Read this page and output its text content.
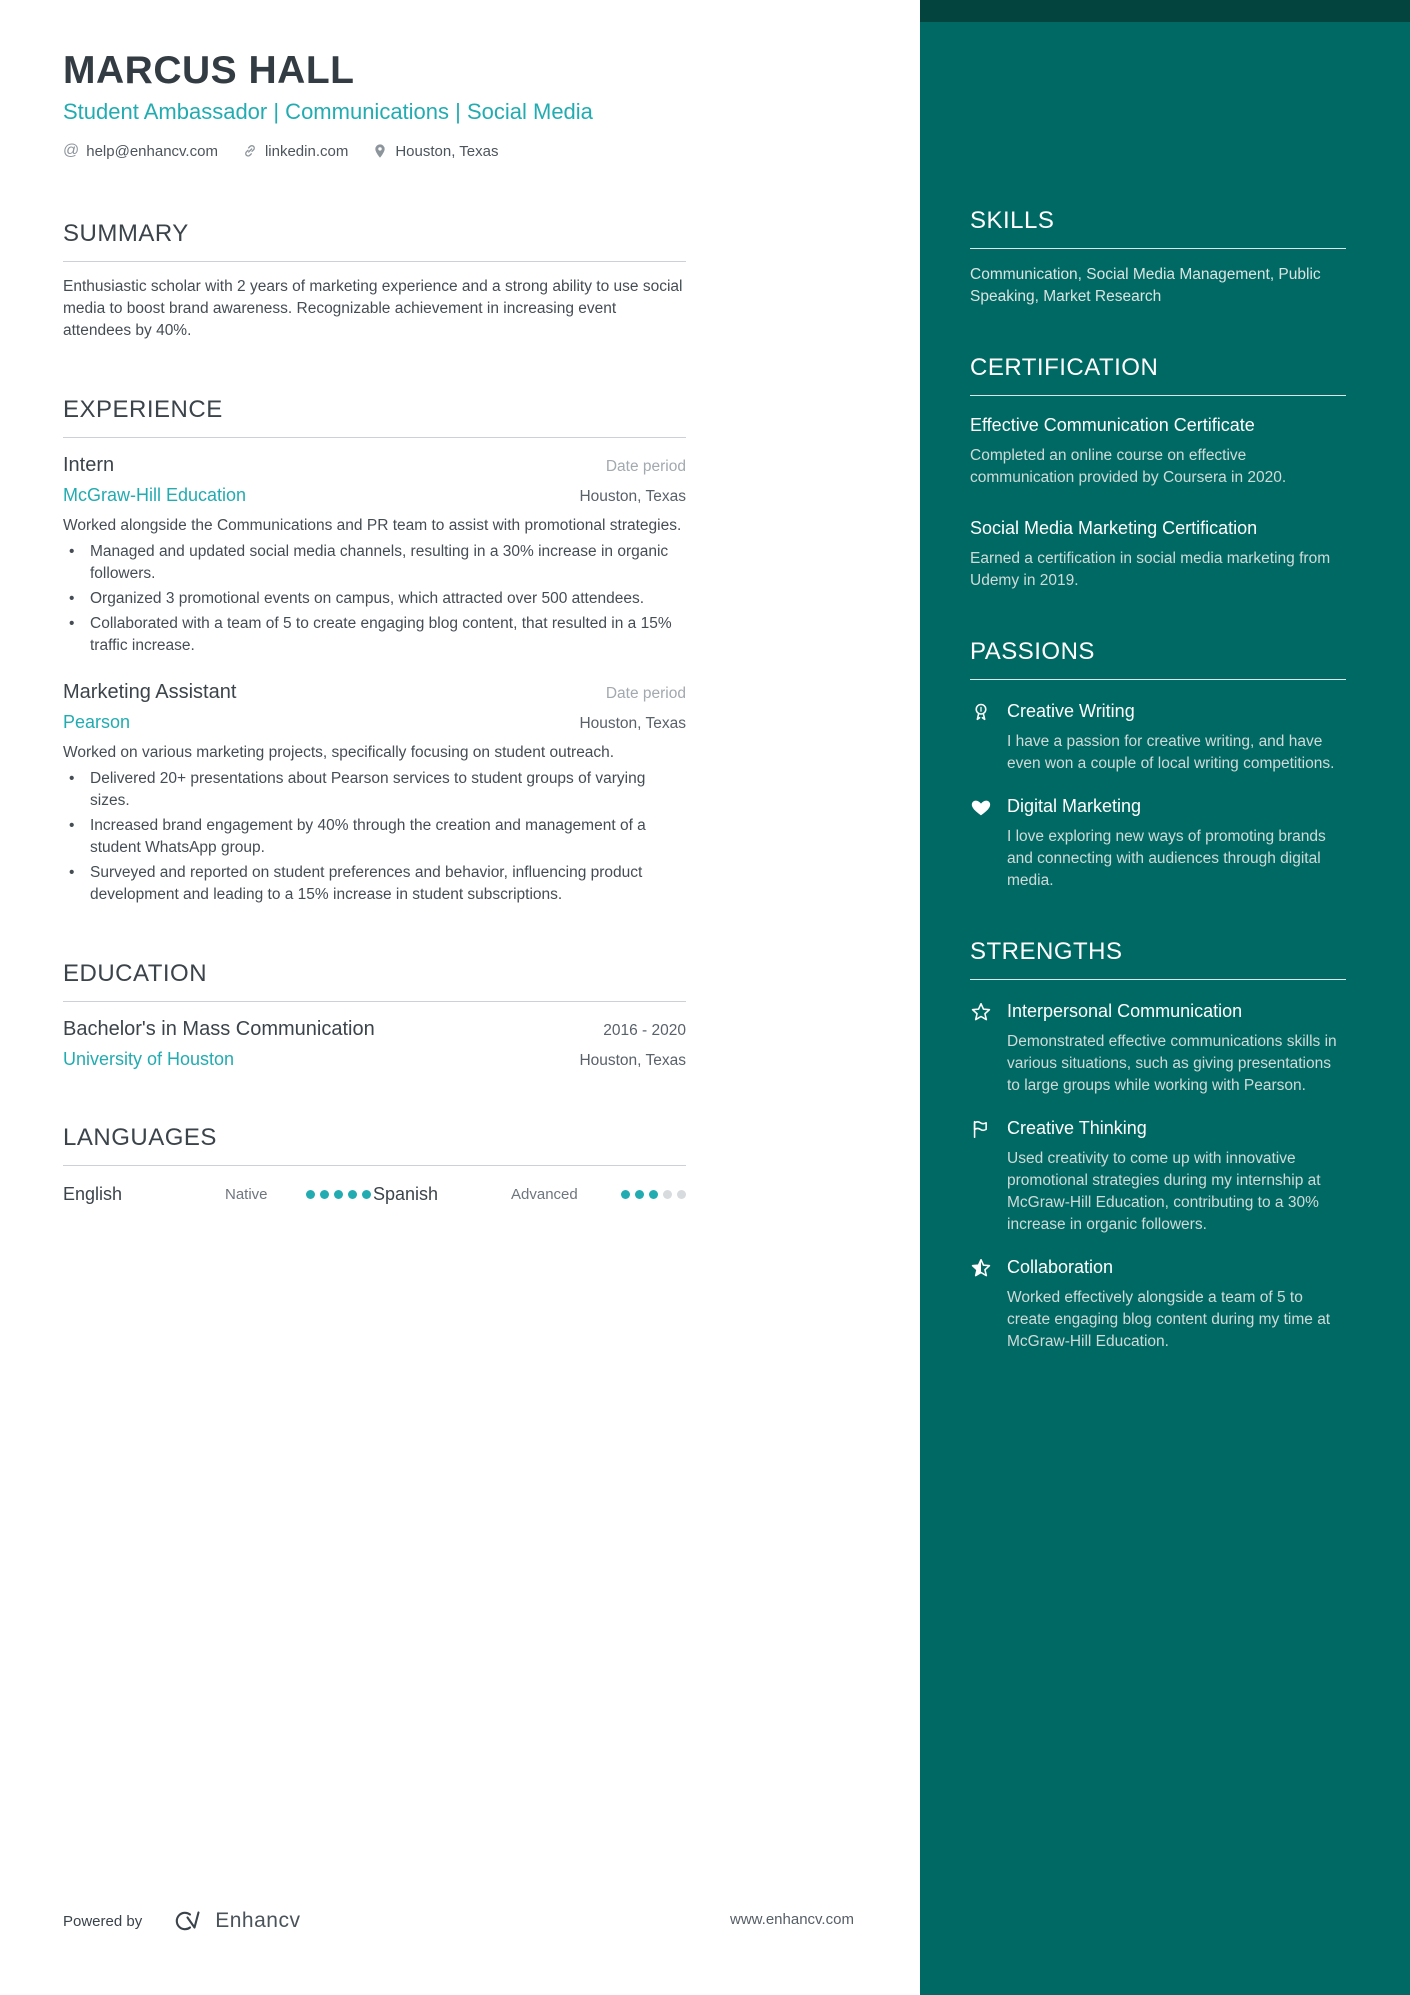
SKILLS
Communication, Social Media Management, Public Speaking, Market Research
CERTIFICATION
Effective Communication Certificate
Completed an online course on effective communication provided by Coursera in 2020.
Social Media Marketing Certification
Earned a certification in social media marketing from Udemy in 2019.
PASSIONS
Creative Writing
I have a passion for creative writing, and have even won a couple of local writing competitions.
Digital Marketing
I love exploring new ways of promoting brands and connecting with audiences through digital media.
STRENGTHS
Interpersonal Communication
Demonstrated effective communications skills in various situations, such as giving presentations to large groups while working with Pearson.
Creative Thinking
Used creativity to come up with innovative promotional strategies during my internship at McGraw-Hill Education, contributing to a 30% increase in organic followers.
Collaboration
Worked effectively alongside a team of 5 to create engaging blog content during my time at McGraw-Hill Education.
MARCUS HALL
Student Ambassador | Communications | Social Media
@ help@enhancv.com	linkedin.com	Houston, Texas
SUMMARY
Enthusiastic scholar with 2 years of marketing experience and a strong ability to use social media to boost brand awareness. Recognizable achievement in increasing event attendees by 40%.
EXPERIENCE
Intern	Date period
McGraw-Hill Education	Houston, Texas
Worked alongside the Communications and PR team to assist with promotional strategies.
• Managed and updated social media channels, resulting in a 30% increase in organic followers.
• Organized 3 promotional events on campus, which attracted over 500 attendees.
• Collaborated with a team of 5 to create engaging blog content, that resulted in a 15% traffic increase.
Marketing Assistant	Date period
Pearson	Houston, Texas
Worked on various marketing projects, specifically focusing on student outreach.
• Delivered 20+ presentations about Pearson services to student groups of varying sizes.
• Increased brand engagement by 40% through the creation and management of a student WhatsApp group.
• Surveyed and reported on student preferences and behavior, influencing product development and leading to a 15% increase in student subscriptions.
EDUCATION
Bachelor's in Mass Communication	2016 - 2020
University of Houston	Houston, Texas
LANGUAGES
English	Native	Spanish	Advanced
Powered by	Enhancv	www.enhancv.com
